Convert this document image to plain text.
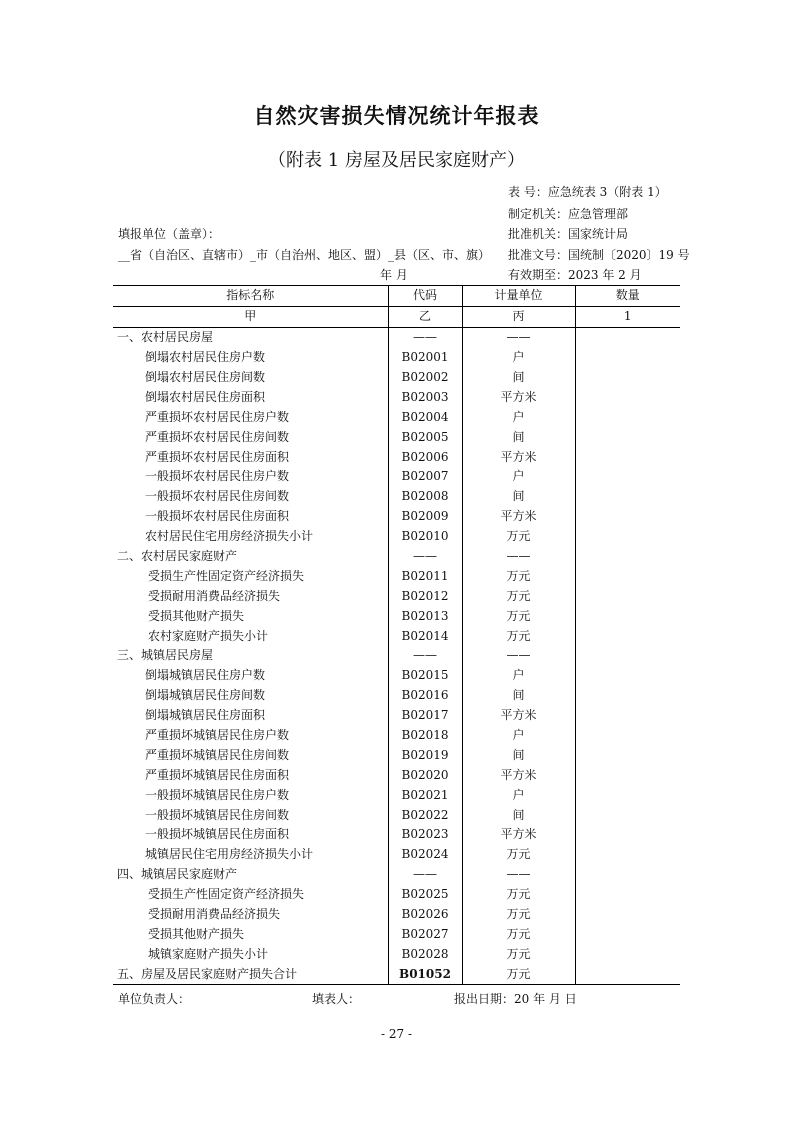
自然灾害损失情况统计年报表
（附表 1 房屋及居民家庭财产）
表 号：应急统表 3（附表 1）
制定机关：应急管理部
批准机关：国家统计局
批准文号：国统制〔2020〕19 号
有效期至：2023 年 2 月
填报单位（盖章）：
__省（自治区、直辖市）_市（自治州、地区、盟）_县（区、市、旗）
年 月
指标名称	代码	计量单位	数量
甲	乙	丙	1
一、农村居民房屋	——	——	
倒塌农村居民住房户数	B02001	户	
倒塌农村居民住房间数	B02002	间	
倒塌农村居民住房面积	B02003	平方米	
严重损坏农村居民住房户数	B02004	户	
严重损坏农村居民住房间数	B02005	间	
严重损坏农村居民住房面积	B02006	平方米	
一般损坏农村居民住房户数	B02007	户	
一般损坏农村居民住房间数	B02008	间	
一般损坏农村居民住房面积	B02009	平方米	
农村居民住宅用房经济损失小计	B02010	万元	
二、农村居民家庭财产	——	——	
受损生产性固定资产经济损失	B02011	万元	
受损耐用消费品经济损失	B02012	万元	
受损其他财产损失	B02013	万元	
农村家庭财产损失小计	B02014	万元	
三、城镇居民房屋	——	——	
倒塌城镇居民住房户数	B02015	户	
倒塌城镇居民住房间数	B02016	间	
倒塌城镇居民住房面积	B02017	平方米	
严重损坏城镇居民住房户数	B02018	户	
严重损坏城镇居民住房间数	B02019	间	
严重损坏城镇居民住房面积	B02020	平方米	
一般损坏城镇居民住房户数	B02021	户	
一般损坏城镇居民住房间数	B02022	间	
一般损坏城镇居民住房面积	B02023	平方米	
城镇居民住宅用房经济损失小计	B02024	万元	
四、城镇居民家庭财产	——	——	
受损生产性固定资产经济损失	B02025	万元	
受损耐用消费品经济损失	B02026	万元	
受损其他财产损失	B02027	万元	
城镇家庭财产损失小计	B02028	万元	
五、房屋及居民家庭财产损失合计	B01052	万元	
单位负责人：	填表人：	报出日期：20 年 月 日
- 27 -
